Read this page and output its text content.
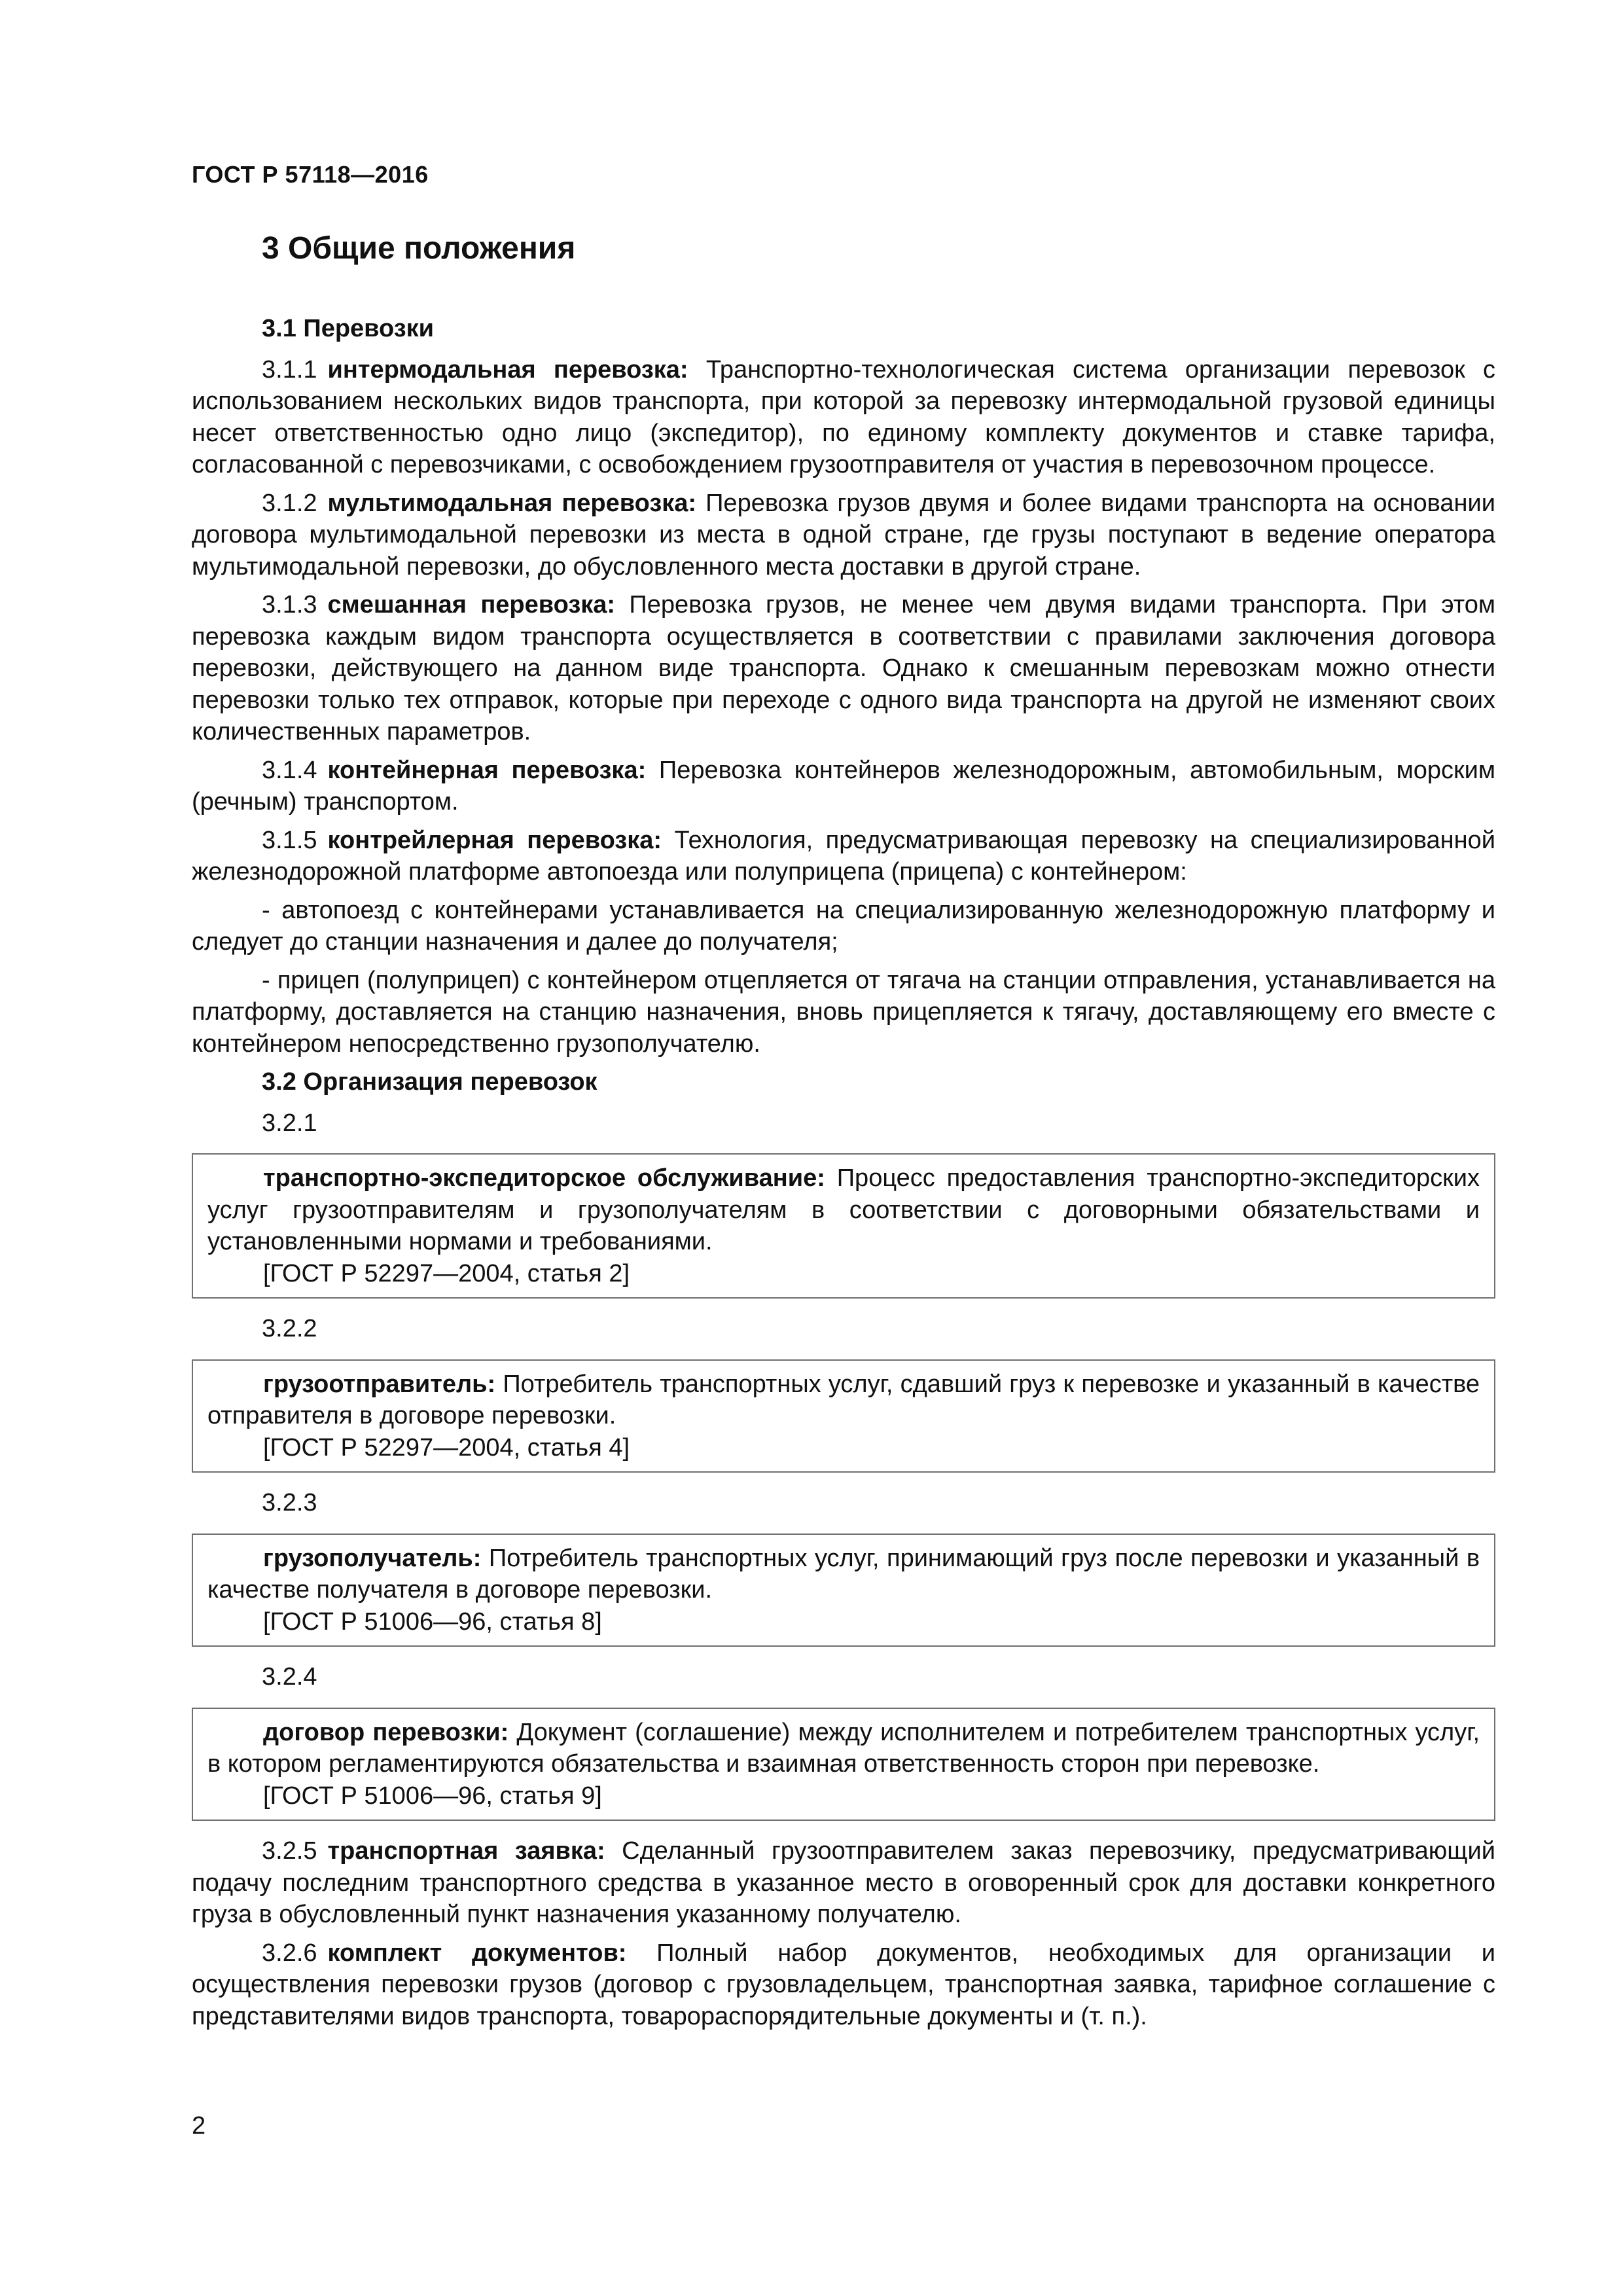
ГОСТ Р 57118—2016
3 Общие положения
3.1 Перевозки
3.1.1 интермодальная перевозка: Транспортно-технологическая система организации перевозок с использованием нескольких видов транспорта, при которой за перевозку интермодальной грузовой единицы несет ответственностью одно лицо (экспедитор), по единому комплекту документов и ставке тарифа, согласованной с перевозчиками, с освобождением грузоотправителя от участия в перевозочном процессе.
3.1.2 мультимодальная перевозка: Перевозка грузов двумя и более видами транспорта на основании договора мультимодальной перевозки из места в одной стране, где грузы поступают в ведение оператора мультимодальной перевозки, до обусловленного места доставки в другой стране.
3.1.3 смешанная перевозка: Перевозка грузов, не менее чем двумя видами транспорта. При этом перевозка каждым видом транспорта осуществляется в соответствии с правилами заключения договора перевозки, действующего на данном виде транспорта. Однако к смешанным перевозкам можно отнести перевозки только тех отправок, которые при переходе с одного вида транспорта на другой не изменяют своих количественных параметров.
3.1.4 контейнерная перевозка: Перевозка контейнеров железнодорожным, автомобильным, морским (речным) транспортом.
3.1.5 контрейлерная перевозка: Технология, предусматривающая перевозку на специализированной железнодорожной платформе автопоезда или полуприцепа (прицепа) с контейнером:
- автопоезд с контейнерами устанавливается на специализированную железнодорожную платформу и следует до станции назначения и далее до получателя;
- прицеп (полуприцеп) с контейнером отцепляется от тягача на станции отправления, устанавливается на платформу, доставляется на станцию назначения, вновь прицепляется к тягачу, доставляющему его вместе с контейнером непосредственно грузополучателю.
3.2 Организация перевозок
3.2.1
транспортно-экспедиторское обслуживание: Процесс предоставления транспортно-экспедиторских услуг грузоотправителям и грузополучателям в соответствии с договорными обязательствами и установленными нормами и требованиями.
[ГОСТ Р 52297—2004, статья 2]
3.2.2
грузоотправитель: Потребитель транспортных услуг, сдавший груз к перевозке и указанный в качестве отправителя в договоре перевозки.
[ГОСТ Р 52297—2004, статья 4]
3.2.3
грузополучатель: Потребитель транспортных услуг, принимающий груз после перевозки и указанный в качестве получателя в договоре перевозки.
[ГОСТ Р 51006—96, статья 8]
3.2.4
договор перевозки: Документ (соглашение) между исполнителем и потребителем транспортных услуг, в котором регламентируются обязательства и взаимная ответственность сторон при перевозке.
[ГОСТ Р 51006—96, статья 9]
3.2.5 транспортная заявка: Сделанный грузоотправителем заказ перевозчику, предусматривающий подачу последним транспортного средства в указанное место в оговоренный срок для доставки конкретного груза в обусловленный пункт назначения указанному получателю.
3.2.6 комплект документов: Полный набор документов, необходимых для организации и осуществления перевозки грузов (договор с грузовладельцем, транспортная заявка, тарифное соглашение с представителями видов транспорта, товарораспорядительные документы и (т. п.).
2
